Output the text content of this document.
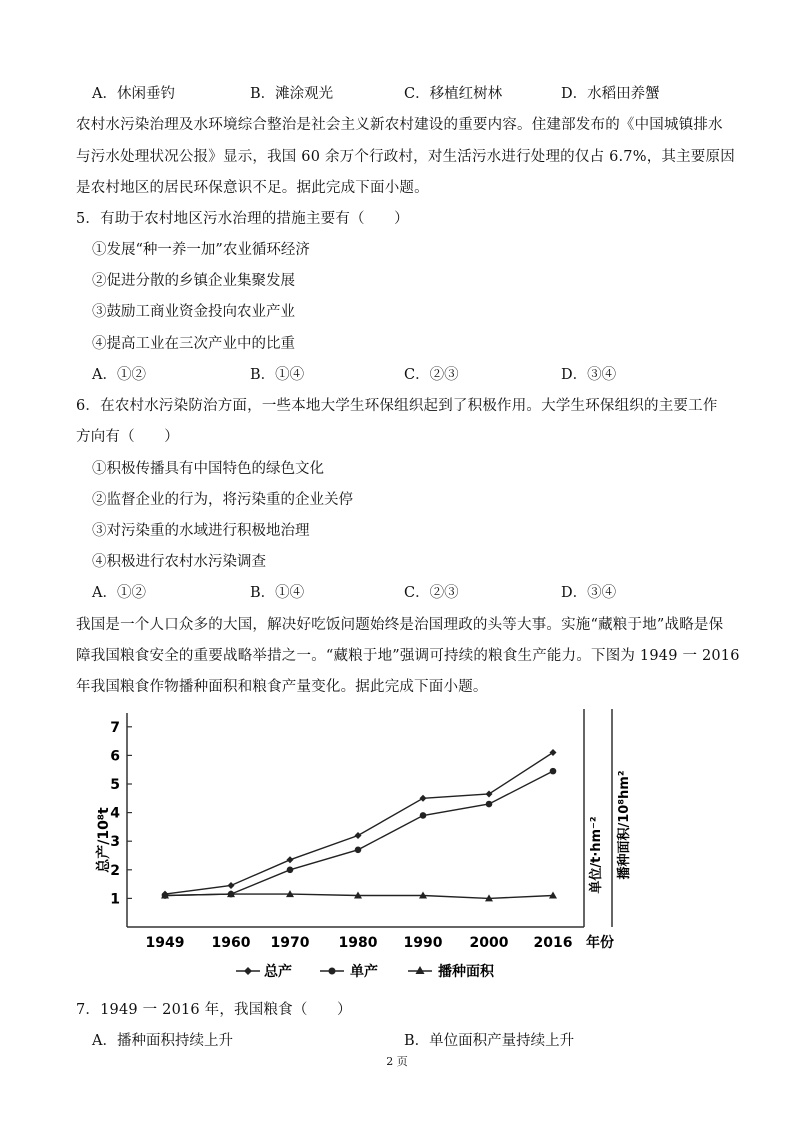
A．休闲垂钓	B．滩涂观光	C．移植红树林	D．水稻田养蟹
农村水污染治理及水环境综合整治是社会主义新农村建设的重要内容。住建部发布的《中国城镇排水
与污水处理状况公报》显示，我国 60 余万个行政村，对生活污水进行处理的仅占 6.7%，其主要原因
是农村地区的居民环保意识不足。据此完成下面小题。
5．有助于农村地区污水治理的措施主要有（　　）
①发展“种一养一加”农业循环经济
②促进分散的乡镇企业集聚发展
③鼓励工商业资金投向农业产业
④提高工业在三次产业中的比重
A．①②	B．①④	C．②③	D．③④
6．在农村水污染防治方面，一些本地大学生环保组织起到了积极作用。大学生环保组织的主要工作
方向有（　　）
①积极传播具有中国特色的绿色文化
②监督企业的行为，将污染重的企业关停
③对污染重的水域进行积极地治理
④积极进行农村水污染调查
A．①②	B．①④	C．②③	D．③④
我国是一个人口众多的大国，解决好吃饭问题始终是治国理政的头等大事。实施“藏粮于地”战略是保
障我国粮食安全的重要战略举措之一。“藏粮于地”强调可持续的粮食生产能力。下图为 1949 一 2016
年我国粮食作物播种面积和粮食产量变化。据此完成下面小题。
1
2
3
4
5
6
7
1949 1960 1970 1980 1990 2000 2016
总产/10⁸t	单位/t·hm⁻² 播种面积/10⁸hm²
年份
总产	单产	播种面积
7．1949 一 2016 年，我国粮食（　　）
A．播种面积持续上升	B．单位面积产量持续上升
2 页
